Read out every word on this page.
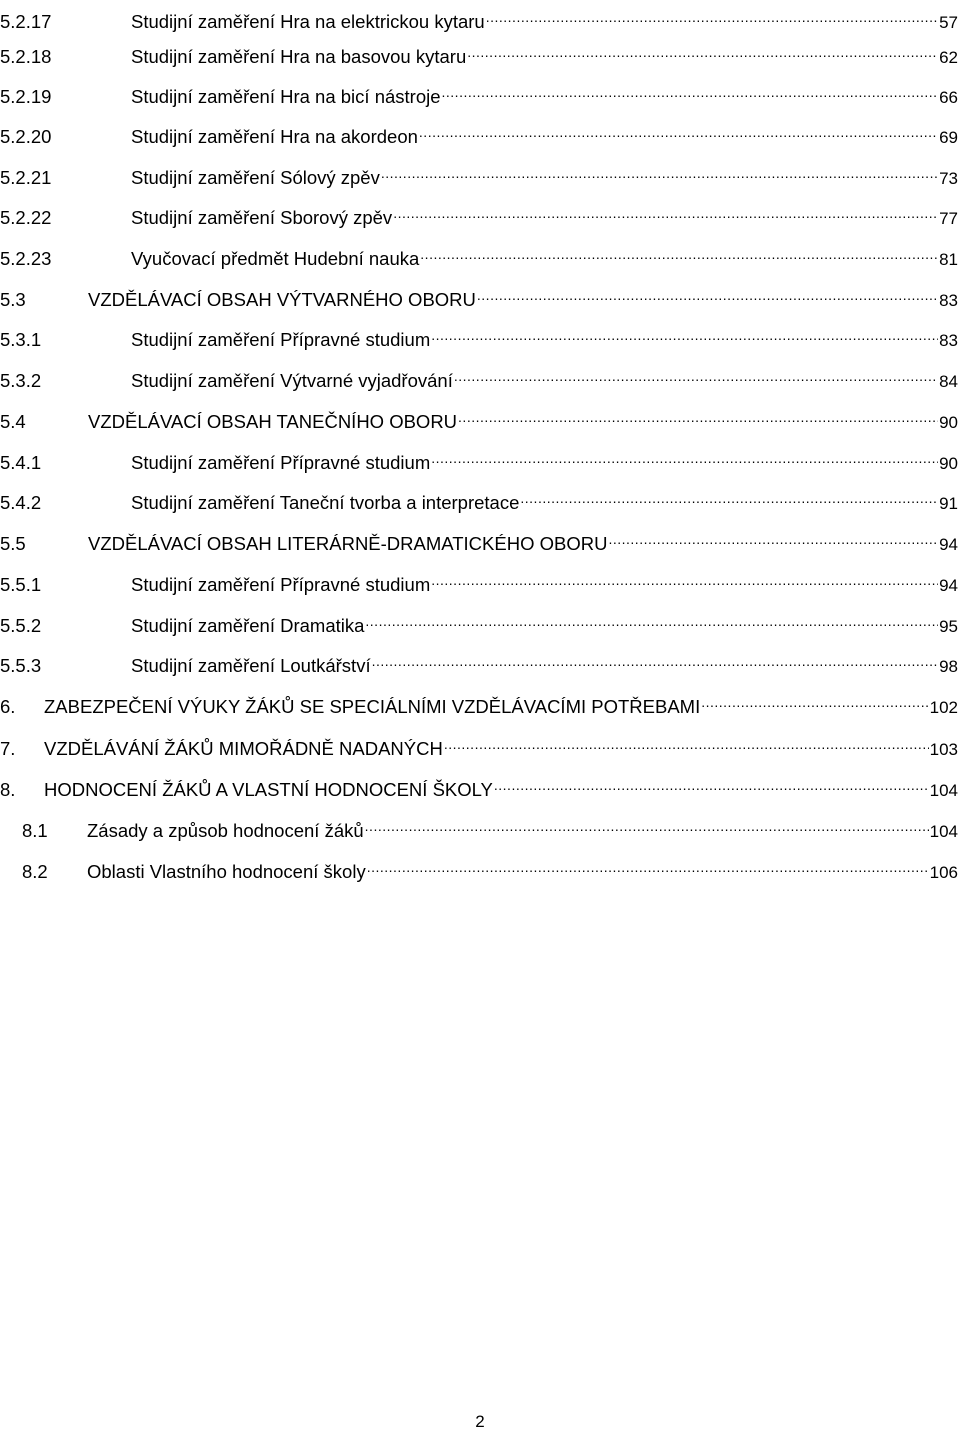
5.2.17	Studijní zaměření Hra na elektrickou kytaru .....	57
5.2.18	Studijní zaměření Hra na basovou kytaru .....	62
5.2.19	Studijní zaměření Hra na bicí nástroje .....	66
5.2.20	Studijní zaměření Hra na akordeon .....	69
5.2.21	Studijní zaměření Sólový zpěv .....	73
5.2.22	Studijní zaměření Sborový zpěv .....	77
5.2.23	Vyučovací předmět Hudební nauka .....	81
5.3	VZDĚLÁVACÍ OBSAH VÝTVARNÉHO OBORU .....	83
5.3.1	Studijní zaměření Přípravné studium .....	83
5.3.2	Studijní zaměření Výtvarné vyjadřování .....	84
5.4	VZDĚLÁVACÍ OBSAH TANEČNÍHO OBORU .....	90
5.4.1	Studijní zaměření Přípravné studium .....	90
5.4.2	Studijní zaměření Taneční tvorba a interpretace .....	91
5.5	VZDĚLÁVACÍ OBSAH LITERÁRNĚ-DRAMATICKÉHO OBORU .....	94
5.5.1	Studijní zaměření Přípravné studium .....	94
5.5.2	Studijní zaměření Dramatika .....	95
5.5.3	Studijní zaměření Loutkářství .....	98
6.	ZABEZPEČENÍ VÝUKY ŽÁKŮ SE SPECIÁLNÍMI VZDĚLÁVACÍMI POTŘEBAMI .....	102
7.	VZDĚLÁVÁNÍ ŽÁKŮ MIMOŘÁDNĚ NADANÝCH .....	103
8.	HODNOCENÍ ŽÁKŮ A VLASTNÍ HODNOCENÍ ŠKOLY .....	104
8.1	Zásady a způsob hodnocení žáků .....	104
8.2	Oblasti Vlastního hodnocení školy .....	106
2
